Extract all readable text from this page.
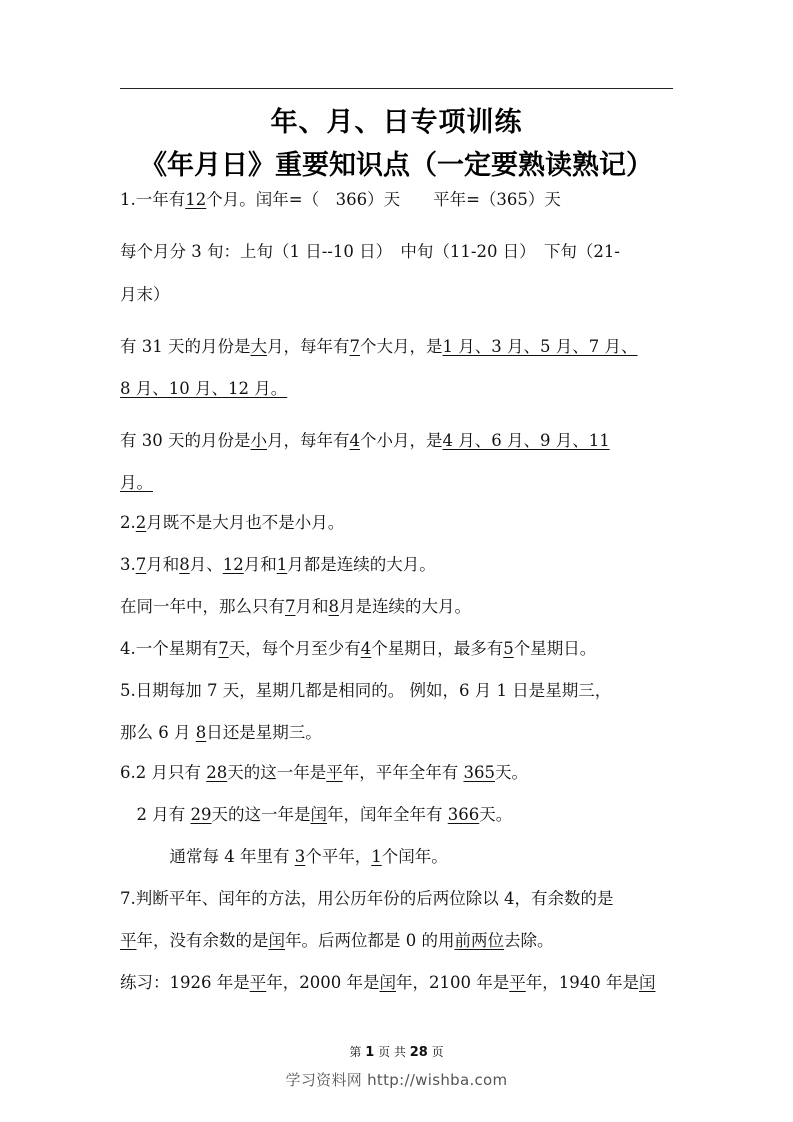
年、月、日专项训练
《年月日》重要知识点（一定要熟读熟记）
1.一年有12个月。闰年=（　366）天　　平年=（365）天
每个月分 3 旬：上旬（1 日--10 日）　中旬（11-20 日）　下旬（21-
月末）
有 31 天的月份是大月，每年有7个大月，是1 月、3 月、5 月、7 月、
8 月、10 月、12 月。
有 30 天的月份是小月，每年有4个小月，是4 月、6 月、9 月、11
月。
2.2月既不是大月也不是小月。
3.7月和8月、12月和1月都是连续的大月。
在同一年中，那么只有7月和8月是连续的大月。
4.一个星期有7天，每个月至少有4个星期日，最多有5个星期日。
5.日期每加 7 天，星期几都是相同的。 例如，6 月 1 日是星期三，
那么 6 月 8日还是星期三。
6.2 月只有 28天的这一年是平年，平年全年有 365天。
　2 月有 29天的这一年是闰年，闰年全年有 366天。
　　　通常每 4 年里有 3个平年，1个闰年。
7.判断平年、闰年的方法，用公历年份的后两位除以 4，有余数的是
平年，没有余数的是闰年。后两位都是 0 的用前两位去除。
练习：1926 年是平年，2000 年是闰年，2100 年是平年，1940 年是闰
第 1 页 共 28 页
学习资料网 http://wishba.com
